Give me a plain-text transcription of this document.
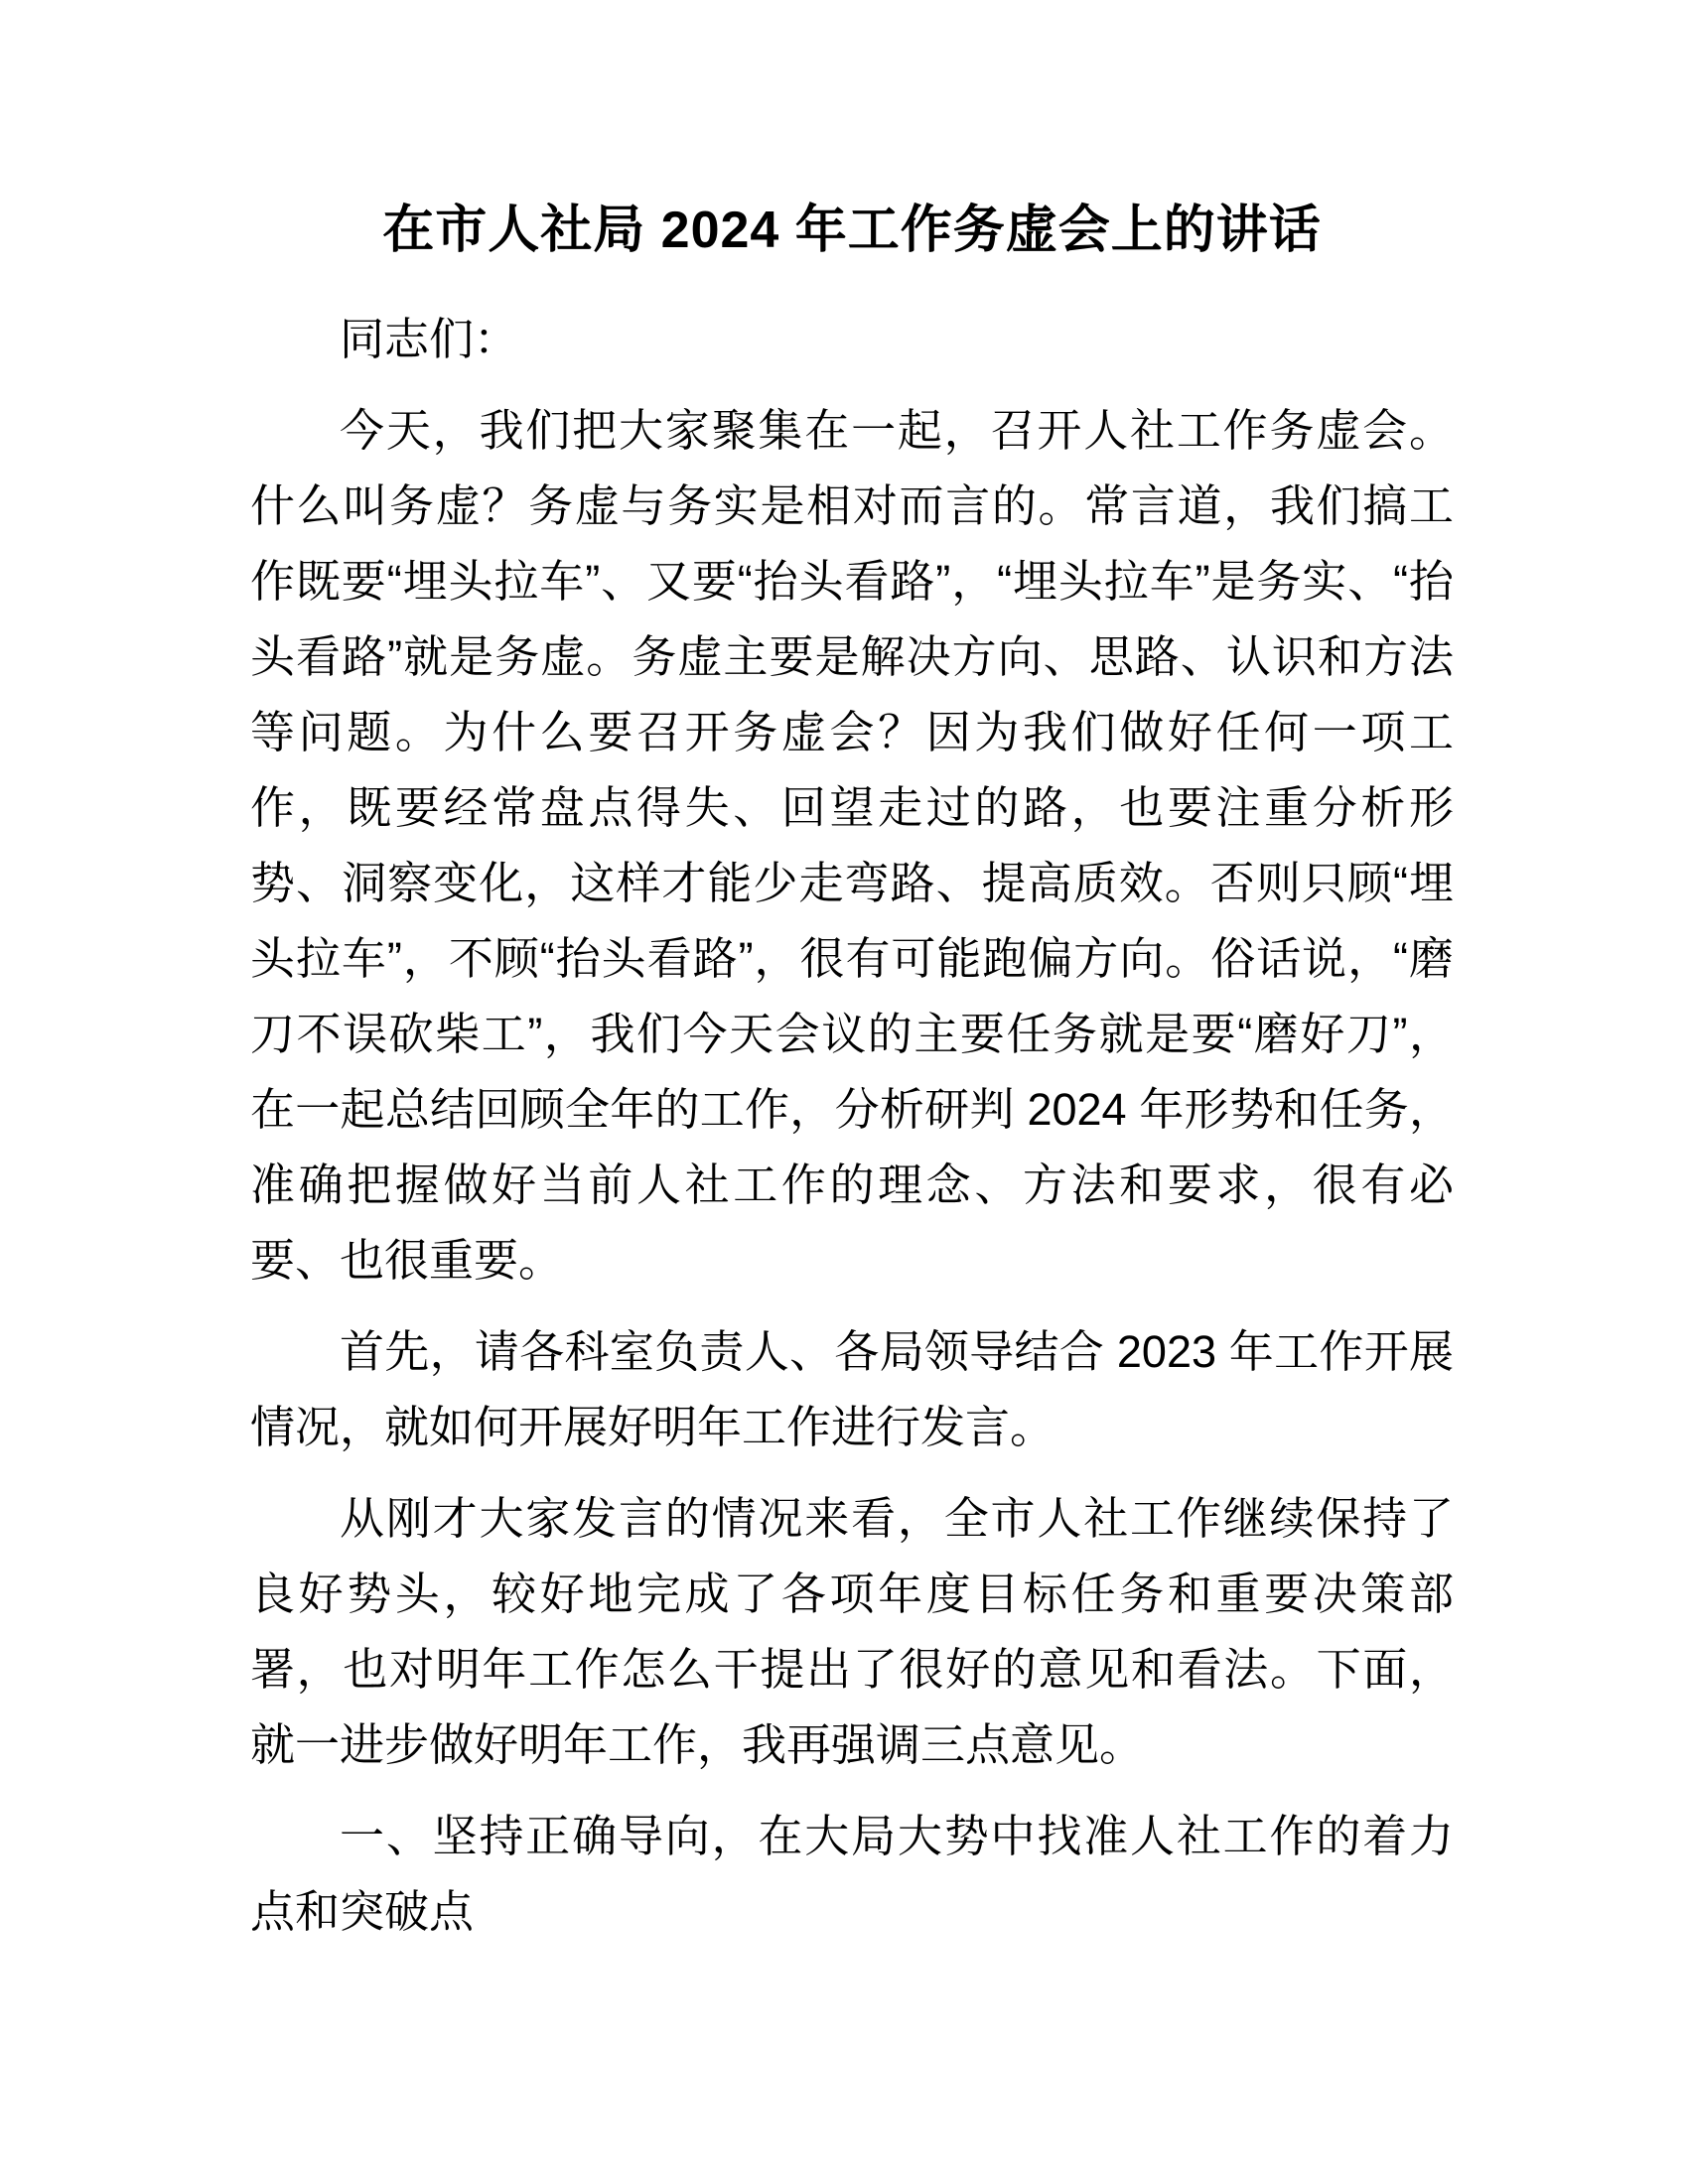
在市人社局 2024 年工作务虚会上的讲话

同志们：

今天，我们把大家聚集在一起，召开人社工作务虚会。什么叫务虚？务虚与务实是相对而言的。常言道，我们搞工作既要“埋头拉车”、又要“抬头看路”，“埋头拉车”是务实、“抬头看路”就是务虚。务虚主要是解决方向、思路、认识和方法等问题。为什么要召开务虚会？因为我们做好任何一项工作，既要经常盘点得失、回望走过的路，也要注重分析形势、洞察变化，这样才能少走弯路、提高质效。否则只顾“埋头拉车”，不顾“抬头看路”，很有可能跑偏方向。俗话说，“磨刀不误砍柴工”，我们今天会议的主要任务就是要“磨好刀”，在一起总结回顾全年的工作，分析研判 2024 年形势和任务，准确把握做好当前人社工作的理念、方法和要求，很有必要、也很重要。

首先，请各科室负责人、各局领导结合 2023 年工作开展情况，就如何开展好明年工作进行发言。

从刚才大家发言的情况来看，全市人社工作继续保持了良好势头，较好地完成了各项年度目标任务和重要决策部署，也对明年工作怎么干提出了很好的意见和看法。下面，就一进步做好明年工作，我再强调三点意见。

一、坚持正确导向，在大局大势中找准人社工作的着力点和突破点
